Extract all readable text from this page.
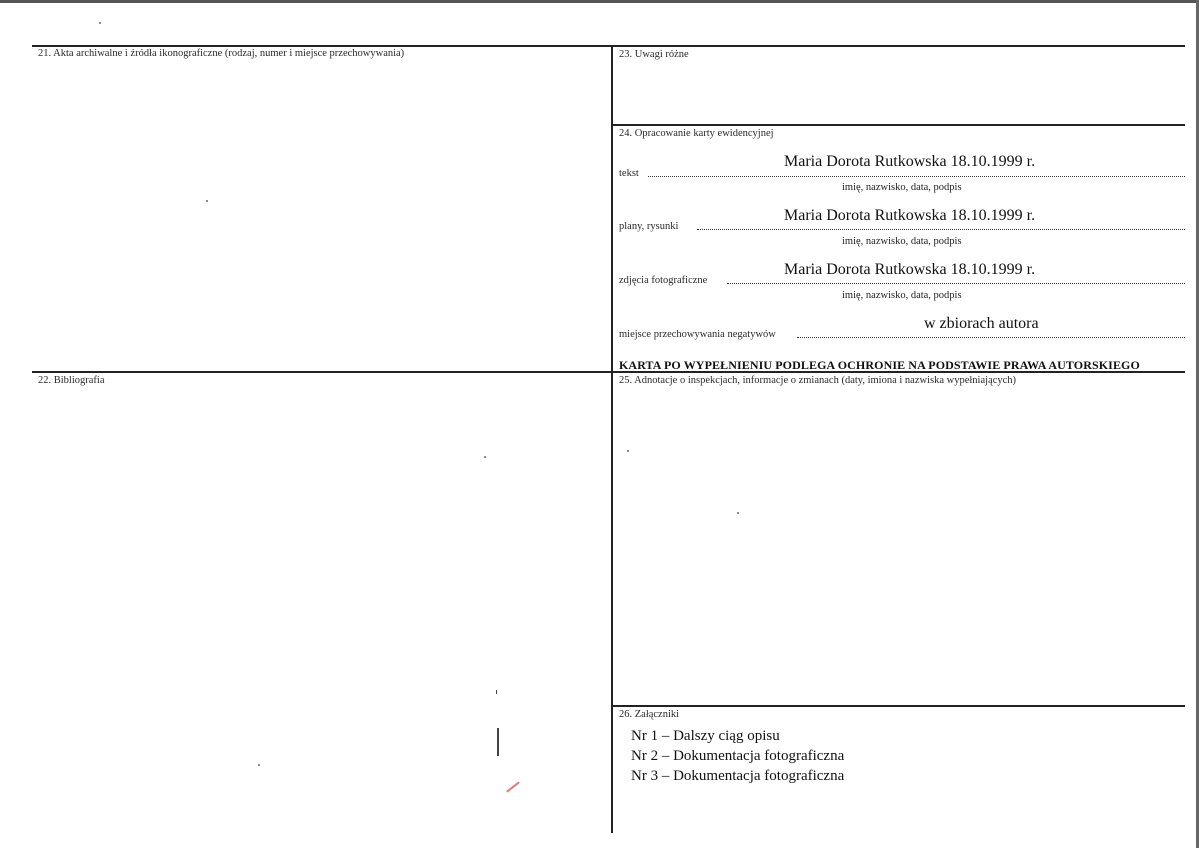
21. Akta archiwalne i źródła ikonograficzne (rodzaj, numer i miejsce przechowywania)
22. Bibliografia
23. Uwagi różne
24. Opracowanie karty ewidencyjnej
tekst
Maria Dorota Rutkowska 18.10.1999 r.
imię, nazwisko, data, podpis
plany, rysunki
Maria Dorota Rutkowska 18.10.1999 r.
imię, nazwisko, data, podpis
zdjęcia fotograficzne
Maria Dorota Rutkowska 18.10.1999 r.
imię, nazwisko, data, podpis
miejsce przechowywania negatywów
w zbiorach autora
KARTA PO WYPEŁNIENIU PODLEGA OCHRONIE NA PODSTAWIE PRAWA AUTORSKIEGO
25. Adnotacje o inspekcjach, informacje o zmianach (daty, imiona i nazwiska wypełniających)
26. Załączniki
Nr 1 – Dalszy ciąg opisu
Nr 2 – Dokumentacja fotograficzna
Nr 3 – Dokumentacja fotograficzna
